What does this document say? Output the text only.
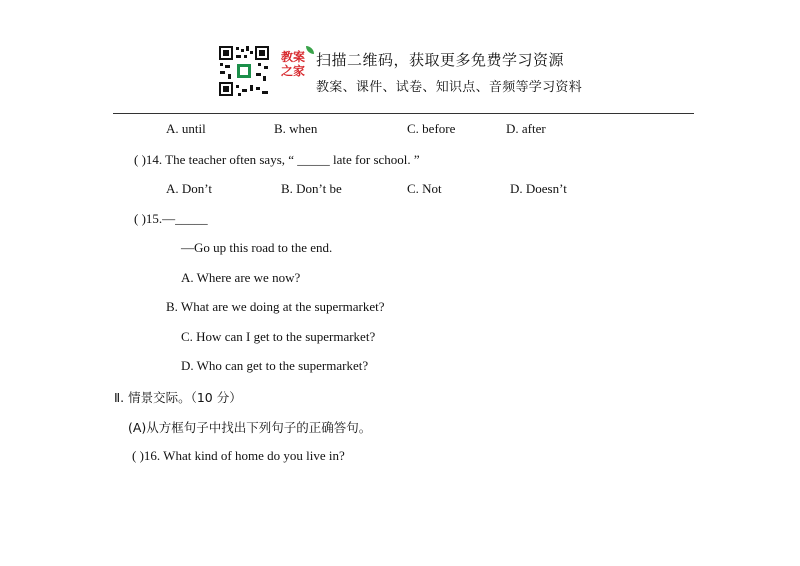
教案
之家
扫描二维码，获取更多免费学习资源
教案、课件、试卷、知识点、音频等学习资料
A. until	B. when	C. before	D. after
( )14. The teacher often says, “ _____ late for school. ”
A. Don’t	B. Don’t be	C. Not	D. Doesn’t
( )15.—_____
—Go up this road to the end.
A. Where are we now?
B. What are we doing at the supermarket?
C. How can I get to the supermarket?
D. Who can get to the supermarket?
Ⅱ. 情景交际。（10 分）
(A)从方框句子中找出下列句子的正确答句。
( )16. What kind of home do you live in?
